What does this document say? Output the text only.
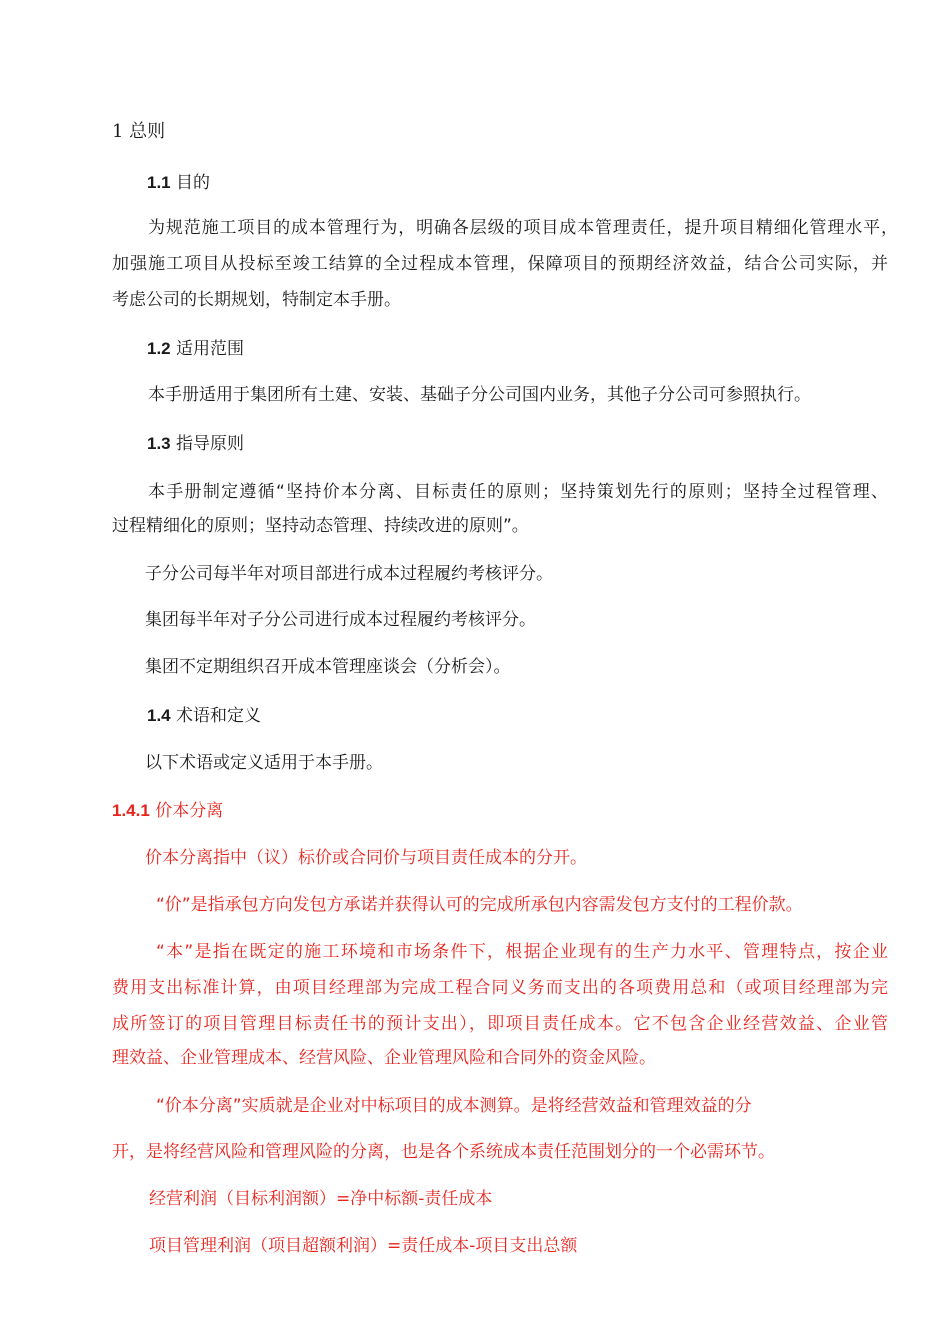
1 总则
1.1 目的
为规范施工项目的成本管理行为，明确各层级的项目成本管理责任，提升项目精细化管理水平，
加强施工项目从投标至竣工结算的全过程成本管理，保障项目的预期经济效益，结合公司实际，并
考虑公司的长期规划，特制定本手册。
1.2 适用范围
本手册适用于集团所有土建、安装、基础子分公司国内业务，其他子分公司可参照执行。
1.3 指导原则
本手册制定遵循“坚持价本分离、目标责任的原则；坚持策划先行的原则；坚持全过程管理、
过程精细化的原则；坚持动态管理、持续改进的原则”。
子分公司每半年对项目部进行成本过程履约考核评分。
集团每半年对子分公司进行成本过程履约考核评分。
集团不定期组织召开成本管理座谈会（分析会）。
1.4 术语和定义
以下术语或定义适用于本手册。
1.4.1 价本分离
价本分离指中（议）标价或合同价与项目责任成本的分开。
“价”是指承包方向发包方承诺并获得认可的完成所承包内容需发包方支付的工程价款。
“本”是指在既定的施工环境和市场条件下，根据企业现有的生产力水平、管理特点，按企业
费用支出标准计算，由项目经理部为完成工程合同义务而支出的各项费用总和（或项目经理部为完
成所签订的项目管理目标责任书的预计支出），即项目责任成本。它不包含企业经营效益、企业管
理效益、企业管理成本、经营风险、企业管理风险和合同外的资金风险。
“价本分离”实质就是企业对中标项目的成本测算。是将经营效益和管理效益的分
开，是将经营风险和管理风险的分离，也是各个系统成本责任范围划分的一个必需环节。
经营利润（目标利润额）=净中标额-责任成本
项目管理利润（项目超额利润）=责任成本-项目支出总额
